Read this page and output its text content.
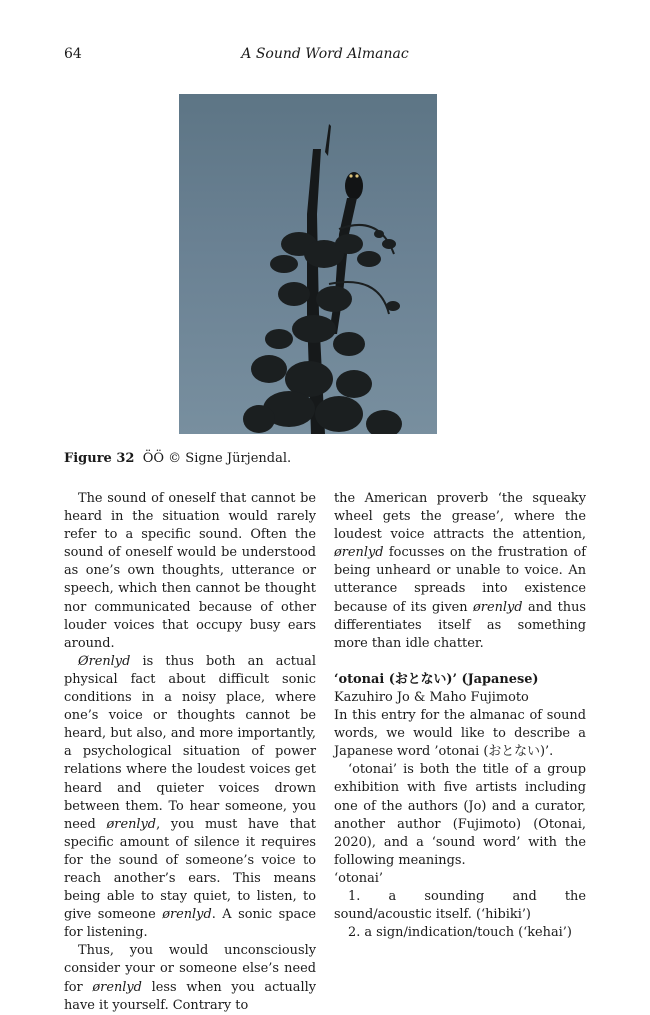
64	A Sound Word Almanac
Figure 32 ÖÖ © Signe Jürjendal.

The sound of oneself that cannot be heard in the situation would rarely refer to a specific sound. Often the sound of oneself would be understood as one’s own thoughts, utterance or speech, which then cannot be thought nor communicated because of other louder voices that occupy busy ears around.

Ørenlyd is thus both an actual physical fact about difficult sonic conditions in a noisy place, where one’s voice or thoughts cannot be heard, but also, and more importantly, a psychological situation of power relations where the loudest voices get heard and quieter voices drown between them. To hear someone, you need ørenlyd, you must have that specific amount of silence it requires for the sound of someone’s voice to reach another’s ears. This means being able to stay quiet, to listen, to give someone ørenlyd. A sonic space for listening.

Thus, you would unconsciously consider your or someone else’s need for ørenlyd less when you actually have it yourself. Contrary to

the American proverb ‘the squeaky wheel gets the grease’, where the loudest voice attracts the attention, ørenlyd focusses on the frustration of being unheard or unable to voice. An utterance spreads into existence because of its given ørenlyd and thus differentiates itself as something more than idle chatter.

‘otonai (おとない)’ (Japanese)

Kazuhiro Jo & Maho Fujimoto

In this entry for the almanac of sound words, we would like to describe a Japanese word ’otonai (おとない)’.

‘otonai’ is both the title of a group exhibition with five artists including one of the authors (Jo) and a curator, another author (Fujimoto) (Otonai, 2020), and a ‘sound word’ with the following meanings.

‘otonai’

1. a sounding and the sound/acoustic itself. (‘hibiki’)

2. a sign/indication/touch (‘kehai’)
